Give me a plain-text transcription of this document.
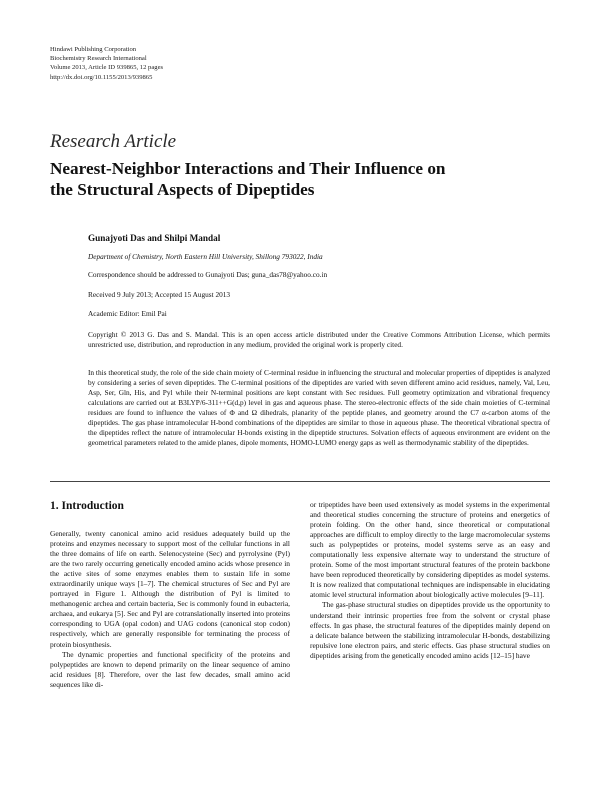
Hindawi Publishing Corporation
Biochemistry Research International
Volume 2013, Article ID 939865, 12 pages
http://dx.doi.org/10.1155/2013/939865
Research Article
Nearest-Neighbor Interactions and Their Influence on
the Structural Aspects of Dipeptides
Gunajyoti Das and Shilpi Mandal
Department of Chemistry, North Eastern Hill University, Shillong 793022, India
Correspondence should be addressed to Gunajyoti Das; guna_das78@yahoo.co.in
Received 9 July 2013; Accepted 15 August 2013
Academic Editor: Emil Pai
Copyright © 2013 G. Das and S. Mandal. This is an open access article distributed under the Creative Commons Attribution License, which permits unrestricted use, distribution, and reproduction in any medium, provided the original work is properly cited.
In this theoretical study, the role of the side chain moiety of C-terminal residue in influencing the structural and molecular properties of dipeptides is analyzed by considering a series of seven dipeptides. The C-terminal positions of the dipeptides are varied with seven different amino acid residues, namely, Val, Leu, Asp, Ser, Gln, His, and Pyl while their N-terminal positions are kept constant with Sec residues. Full geometry optimization and vibrational frequency calculations are carried out at B3LYP/6-311++G(d,p) level in gas and aqueous phase. The stereo-electronic effects of the side chain moieties of C-terminal residues are found to influence the values of Φ and Ω dihedrals, planarity of the peptide planes, and geometry around the C7 α-carbon atoms of the dipeptides. The gas phase intramolecular H-bond combinations of the dipeptides are similar to those in aqueous phase. The theoretical vibrational spectra of the dipeptides reflect the nature of intramolecular H-bonds existing in the dipeptide structures. Solvation effects of aqueous environment are evident on the geometrical parameters related to the amide planes, dipole moments, HOMO-LUMO energy gaps as well as thermodynamic stability of the dipeptides.
1. Introduction

Generally, twenty canonical amino acid residues adequately build up the proteins and enzymes necessary to support most of the cellular functions in all the three domains of life on earth. Selenocysteine (Sec) and pyrrolysine (Pyl) are the two rarely occurring genetically encoded amino acids whose presence in the active sites of some enzymes enables them to sustain life in some extraordinarily unique ways [1–7]. The chemical structures of Sec and Pyl are portrayed in Figure 1. Although the distribution of Pyl is limited to methanogenic archea and certain bacteria, Sec is commonly found in eubacteria, archaea, and eukarya [5]. Sec and Pyl are cotranslationally inserted into proteins corresponding to UGA (opal codon) and UAG codons (canonical stop codon) respectively, which are generally responsible for terminating the process of protein biosynthesis.

The dynamic properties and functional specificity of the proteins and polypeptides are known to depend primarily on the linear sequence of amino acid residues [8]. Therefore, over the last few decades, small amino acid sequences like di-

or tripeptides have been used extensively as model systems in the experimental and theoretical studies concerning the structure of proteins and energetics of protein folding. On the other hand, since theoretical or computational approaches are difficult to employ directly to the large macromolecular systems such as polypeptides or proteins, model systems serve as an easy and computationally less expensive alternate way to understand the structure of protein. Some of the most important structural features of the protein backbone have been reproduced theoretically by considering dipeptides as model systems. It is now realized that computational techniques are indispensable in elucidating atomic level structural information about biologically active molecules [9–11].

The gas-phase structural studies on dipeptides provide us the opportunity to understand their intrinsic properties free from the solvent or crystal phase effects. In gas phase, the structural features of the dipeptides mainly depend on a delicate balance between the stabilizing intramolecular H-bonds, destabilizing repulsive lone electron pairs, and steric effects. Gas phase structural studies on dipeptides arising from the genetically encoded amino acids [12–15] have
